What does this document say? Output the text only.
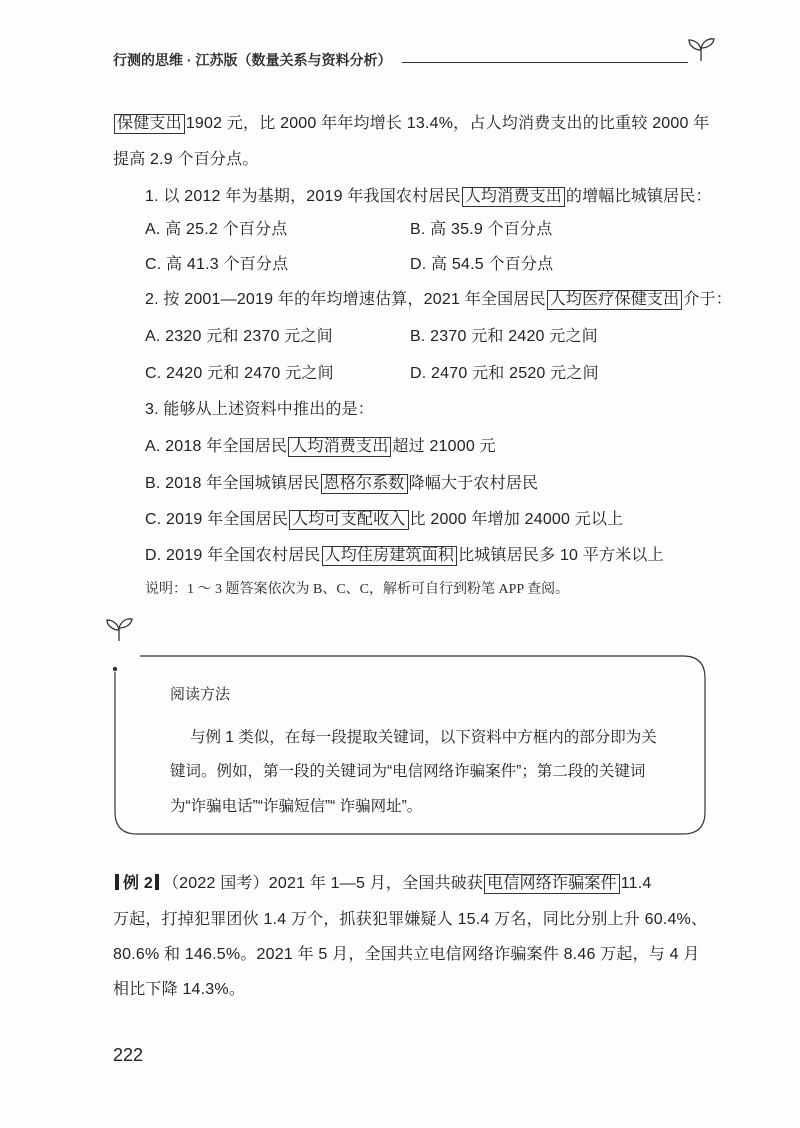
行测的思维 · 江苏版（数量关系与资料分析）
保健支出 1902 元，比 2000 年年均增长 13.4%，占人均消费支出的比重较 2000 年
提高 2.9 个百分点。
1. 以 2012 年为基期，2019 年我国农村居民 人均消费支出 的增幅比城镇居民：
A. 高 25.2 个百分点	B. 高 35.9 个百分点
C. 高 41.3 个百分点	D. 高 54.5 个百分点
2. 按 2001—2019 年的年均增速估算，2021 年全国居民 人均医疗保健支出 介于：
A. 2320 元和 2370 元之间	B. 2370 元和 2420 元之间
C. 2420 元和 2470 元之间	D. 2470 元和 2520 元之间
3. 能够从上述资料中推出的是：
A. 2018 年全国居民 人均消费支出 超过 21000 元
B. 2018 年全国城镇居民 恩格尔系数 降幅大于农村居民
C. 2019 年全国居民 人均可支配收入 比 2000 年增加 24000 元以上
D. 2019 年全国农村居民 人均住房建筑面积 比城镇居民多 10 平方米以上
说明：1 ～ 3 题答案依次为 B、C、C，解析可自行到粉笔 APP 查阅。
阅读方法
与例 1 类似，在每一段提取关键词，以下资料中方框内的部分即为关
键词。例如，第一段的关键词为“电信网络诈骗案件”；第二段的关键词
为“诈骗电话”“诈骗短信”“ 诈骗网址”。
例 2 （2022 国考）2021 年 1—5 月，全国共破获 电信网络诈骗案件 11.4
万起，打掉犯罪团伙 1.4 万个，抓获犯罪嫌疑人 15.4 万名，同比分别上升 60.4%、
80.6% 和 146.5%。2021 年 5 月，全国共立电信网络诈骗案件 8.46 万起，与 4 月
相比下降 14.3%。
222
